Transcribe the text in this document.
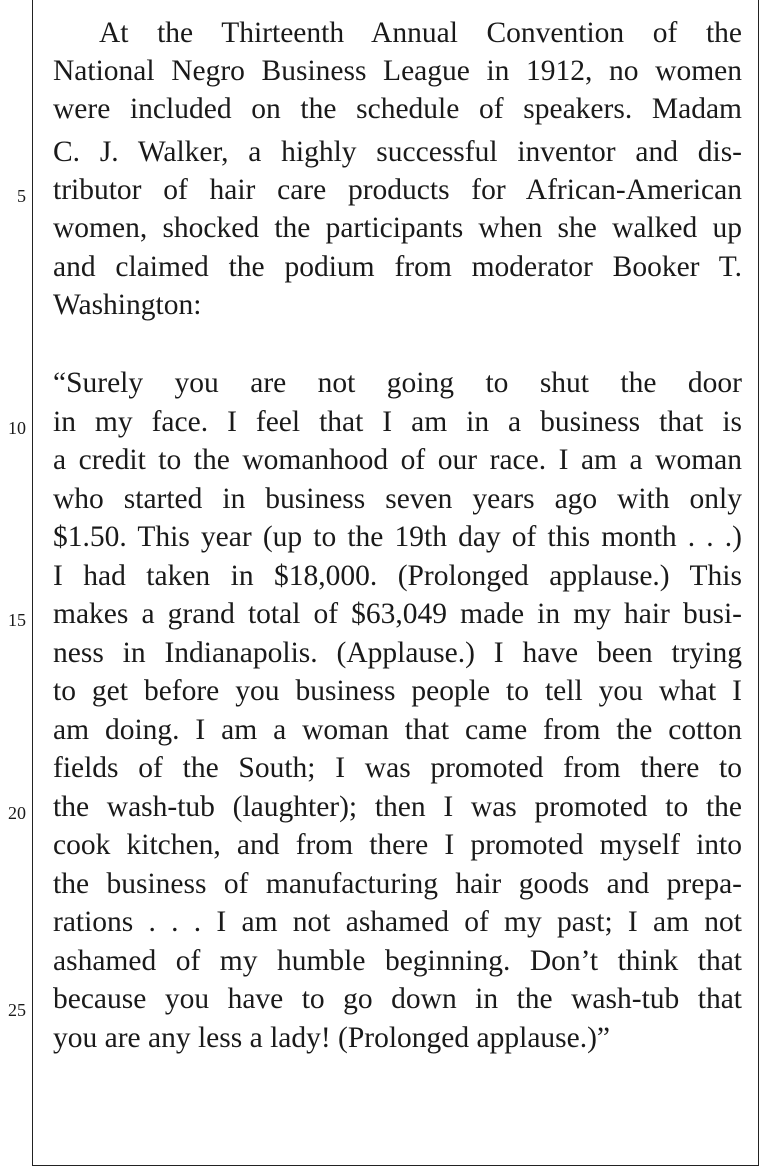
At the Thirteenth Annual Convention of the
National Negro Business League in 1912, no women
were included on the schedule of speakers. Madam
C. J. Walker, a highly successful inventor and dis-
tributor of hair care products for African-American
women, shocked the participants when she walked up
and claimed the podium from moderator Booker T.
Washington:
“Surely you are not going to shut the door
in my face. I feel that I am in a business that is
a credit to the womanhood of our race. I am a woman
who started in business seven years ago with only
$1.50. This year (up to the 19th day of this month . . .)
I had taken in $18,000. (Prolonged applause.) This
makes a grand total of $63,049 made in my hair busi-
ness in Indianapolis. (Applause.) I have been trying
to get before you business people to tell you what I
am doing. I am a woman that came from the cotton
fields of the South; I was promoted from there to
the wash-tub (laughter); then I was promoted to the
cook kitchen, and from there I promoted myself into
the business of manufacturing hair goods and prepa-
rations . . . I am not ashamed of my past; I am not
ashamed of my humble beginning. Don’t think that
because you have to go down in the wash-tub that
you are any less a lady! (Prolonged applause.)”
5
10
15
20
25
